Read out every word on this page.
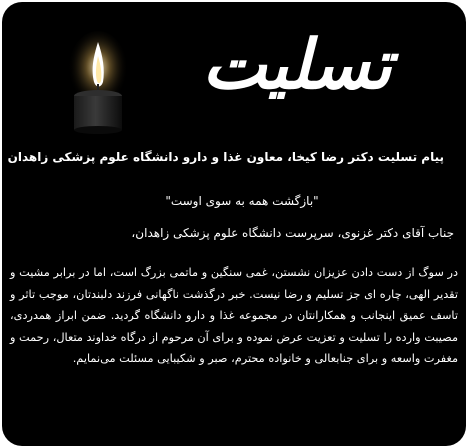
تسلیت
پیام تسلیت دکتر رضا کیخا، معاون غذا و دارو دانشگاه علوم پزشکی زاهدان
"بازگشت همه به سوی اوست"
جناب آقای دکتر غزنوی، سرپرست دانشگاه علوم پزشکی زاهدان،
در سوگ از دست دادن عزیزان نشستن، غمی سنگین و ماتمی بزرگ است، اما در برابر مشیت و تقدیر الهی، چاره ای جز تسلیم و رضا نیست. خبر درگذشت ناگهانی فرزند دلبندتان، موجب تاثر و تاسف عمیق اینجانب و همکارانتان در مجموعه غذا و دارو دانشگاه گردید. ضمن ابراز همدردی، مصیبت وارده را تسلیت و تعزیت عرض نموده و برای آن مرحوم از درگاه خداوند متعال، رحمت و مغفرت واسعه و برای جنابعالی و خانواده محترم، صبر و شکیبایی مسئلت می‌نمایم.
